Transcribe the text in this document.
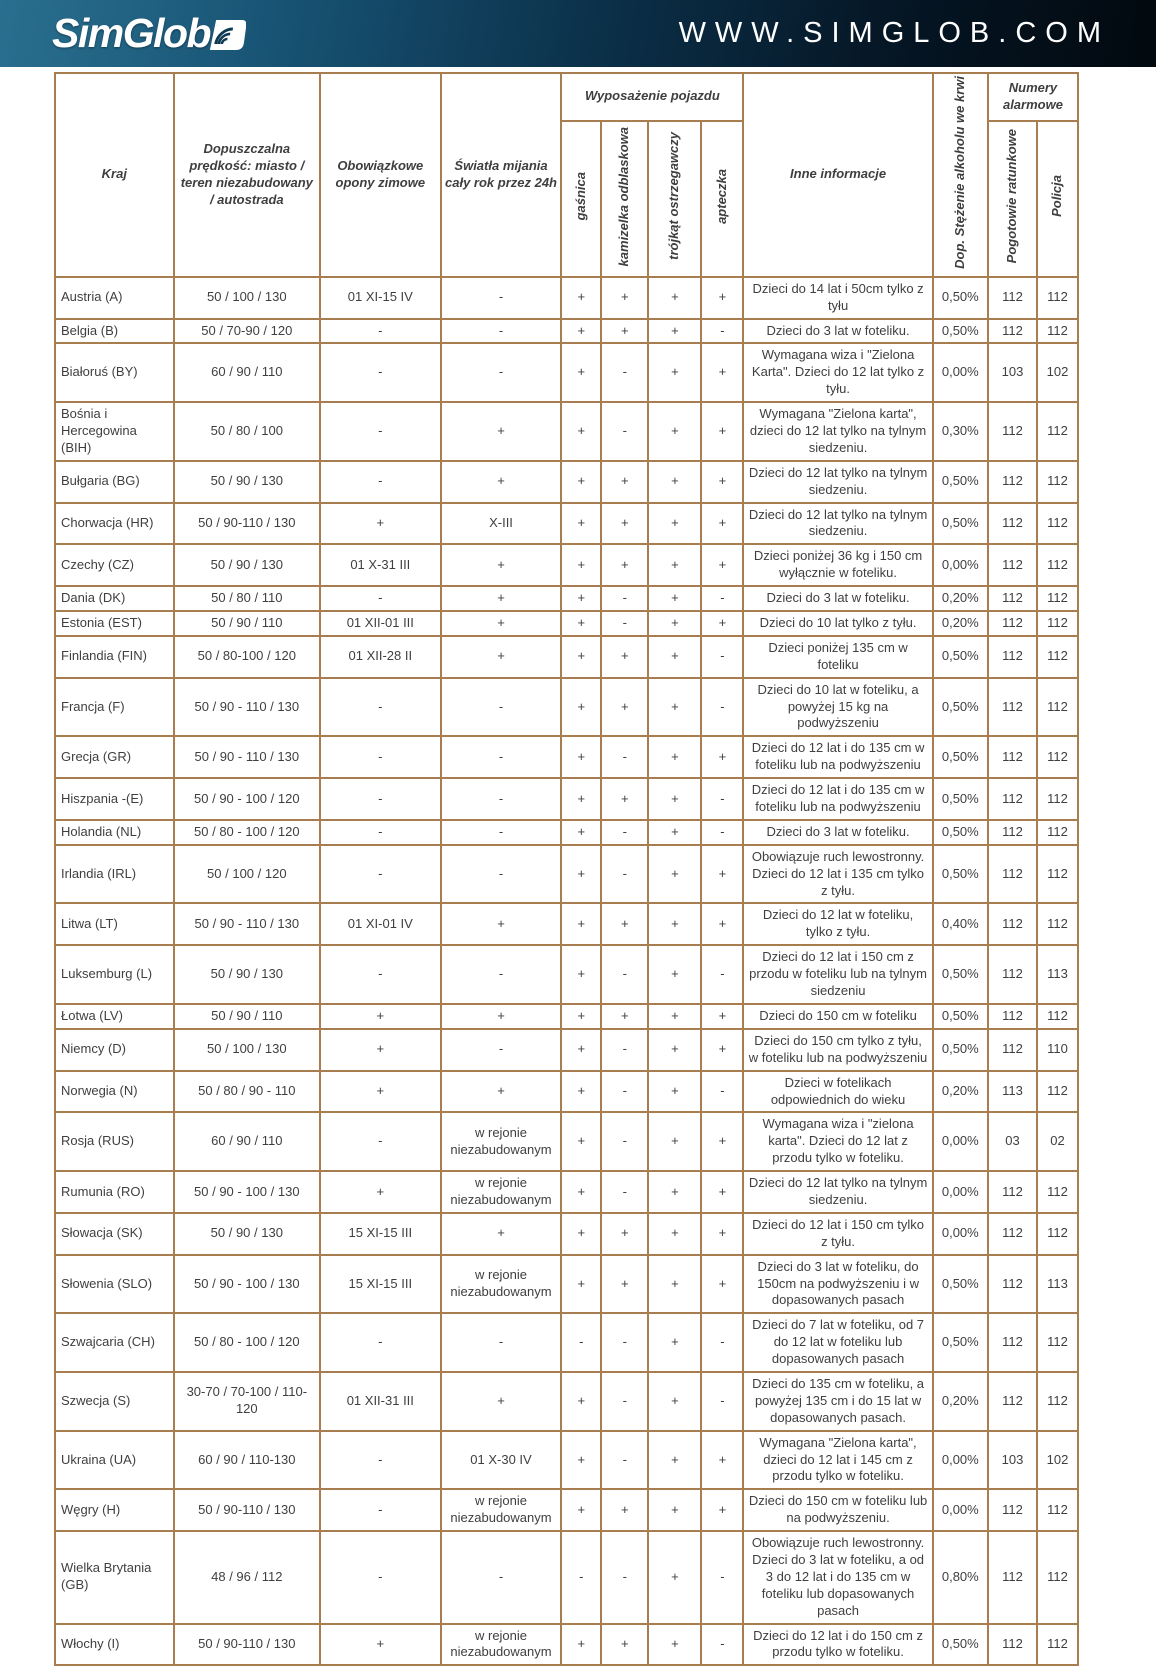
SimGlob	WWW.SIMGLOB.COM
Kraj	Dopuszczalna prędkość: miasto / teren niezabudowany / autostrada	Obowiązkowe opony zimowe	Światła mijania cały rok przez 24h	Wyposażenie pojazdu				Inne informacje	Dop. Stężenie alkoholu we krwi	Numery alarmowe	
				gaśnica	kamizelka odblaskowa	trójkąt ostrzegawczy	apteczka			Pogotowie ratunkowe	Policja
Austria (A)	50 / 100 / 130	01 XI-15 IV	-	+	+	+	+	Dzieci do 14 lat i 50cm tylko z tyłu	0,50%	112	112
Belgia (B)	50 / 70-90 / 120	-	-	+	+	+	-	Dzieci do 3 lat w foteliku.	0,50%	112	112
Białoruś (BY)	60 / 90 / 110	-	-	+	-	+	+	Wymagana wiza i "Zielona Karta". Dzieci do 12 lat tylko z tyłu.	0,00%	103	102
Bośnia i Hercegowina (BIH)	50 / 80 / 100	-	+	+	-	+	+	Wymagana "Zielona karta", dzieci do 12 lat tylko na tylnym siedzeniu.	0,30%	112	112
Bułgaria (BG)	50 / 90 / 130	-	+	+	+	+	+	Dzieci do 12 lat tylko na tylnym siedzeniu.	0,50%	112	112
Chorwacja (HR)	50 / 90-110 / 130	+	X-III	+	+	+	+	Dzieci do 12 lat tylko na tylnym siedzeniu.	0,50%	112	112
Czechy (CZ)	50 / 90 / 130	01 X-31 III	+	+	+	+	+	Dzieci poniżej 36 kg i 150 cm wyłącznie w foteliku.	0,00%	112	112
Dania (DK)	50 / 80 / 110	-	+	+	-	+	-	Dzieci do 3 lat w foteliku.	0,20%	112	112
Estonia (EST)	50 / 90 / 110	01 XII-01 III	+	+	-	+	+	Dzieci do 10 lat tylko z tyłu.	0,20%	112	112
Finlandia (FIN)	50 / 80-100 / 120	01 XII-28 II	+	+	+	+	-	Dzieci poniżej 135 cm w foteliku	0,50%	112	112
Francja (F)	50 / 90 - 110 / 130	-	-	+	+	+	-	Dzieci do 10 lat w foteliku, a powyżej 15 kg na podwyższeniu	0,50%	112	112
Grecja (GR)	50 / 90 - 110 / 130	-	-	+	-	+	+	Dzieci do 12 lat i do 135 cm w foteliku lub na podwyższeniu	0,50%	112	112
Hiszpania -(E)	50 / 90 - 100 / 120	-	-	+	+	+	-	Dzieci do 12 lat i do 135 cm w foteliku lub na podwyższeniu	0,50%	112	112
Holandia (NL)	50 / 80 - 100 / 120	-	-	+	-	+	-	Dzieci do 3 lat w foteliku.	0,50%	112	112
Irlandia (IRL)	50 / 100 / 120	-	-	+	-	+	+	Obowiązuje ruch lewostronny. Dzieci do 12 lat i 135 cm tylko z tyłu.	0,50%	112	112
Litwa (LT)	50 / 90 - 110 / 130	01 XI-01 IV	+	+	+	+	+	Dzieci do 12 lat w foteliku, tylko z tyłu.	0,40%	112	112
Luksemburg (L)	50 / 90 / 130	-	-	+	-	+	-	Dzieci do 12 lat i 150 cm z przodu w foteliku lub na tylnym siedzeniu	0,50%	112	113
Łotwa (LV)	50 / 90 / 110	+	+	+	+	+	+	Dzieci do 150 cm w foteliku	0,50%	112	112
Niemcy (D)	50 / 100 / 130	+	-	+	-	+	+	Dzieci do 150 cm tylko z tyłu, w foteliku lub na podwyższeniu	0,50%	112	110
Norwegia (N)	50 / 80 / 90 - 110	+	+	+	-	+	-	Dzieci w fotelikach odpowiednich do wieku	0,20%	113	112
Rosja (RUS)	60 / 90 / 110	-	w rejonie niezabudowanym	+	-	+	+	Wymagana wiza i "zielona karta". Dzieci do 12 lat z przodu tylko w foteliku.	0,00%	03	02
Rumunia (RO)	50 / 90 - 100 / 130	+	w rejonie niezabudowanym	+	-	+	+	Dzieci do 12 lat tylko na tylnym siedzeniu.	0,00%	112	112
Słowacja (SK)	50 / 90 / 130	15 XI-15 III	+	+	+	+	+	Dzieci do 12 lat i 150 cm tylko z tyłu.	0,00%	112	112
Słowenia (SLO)	50 / 90 - 100 / 130	15 XI-15 III	w rejonie niezabudowanym	+	+	+	+	Dzieci do 3 lat w foteliku, do 150cm na podwyższeniu i w dopasowanych pasach	0,50%	112	113
Szwajcaria (CH)	50 / 80 - 100 / 120	-	-	-	-	+	-	Dzieci do 7 lat w foteliku, od 7 do 12 lat w foteliku lub dopasowanych pasach	0,50%	112	112
Szwecja (S)	30-70 / 70-100 / 110-120	01 XII-31 III	+	+	-	+	-	Dzieci do 135 cm w foteliku, a powyżej 135 cm i do 15 lat w dopasowanych pasach.	0,20%	112	112
Ukraina (UA)	60 / 90 / 110-130	-	01 X-30 IV	+	-	+	+	Wymagana "Zielona karta", dzieci do 12 lat i 145 cm z przodu tylko w foteliku.	0,00%	103	102
Węgry (H)	50 / 90-110 / 130	-	w rejonie niezabudowanym	+	+	+	+	Dzieci do 150 cm w foteliku lub na podwyższeniu.	0,00%	112	112
Wielka Brytania (GB)	48 / 96 / 112	-	-	-	-	+	-	Obowiązuje ruch lewostronny. Dzieci do 3 lat w foteliku, a od 3 do 12 lat i do 135 cm w foteliku lub dopasowanych pasach	0,80%	112	112
Włochy (I)	50 / 90-110 / 130	+	w rejonie niezabudowanym	+	+	+	-	Dzieci do 12 lat i do 150 cm z przodu tylko w foteliku.	0,50%	112	112
